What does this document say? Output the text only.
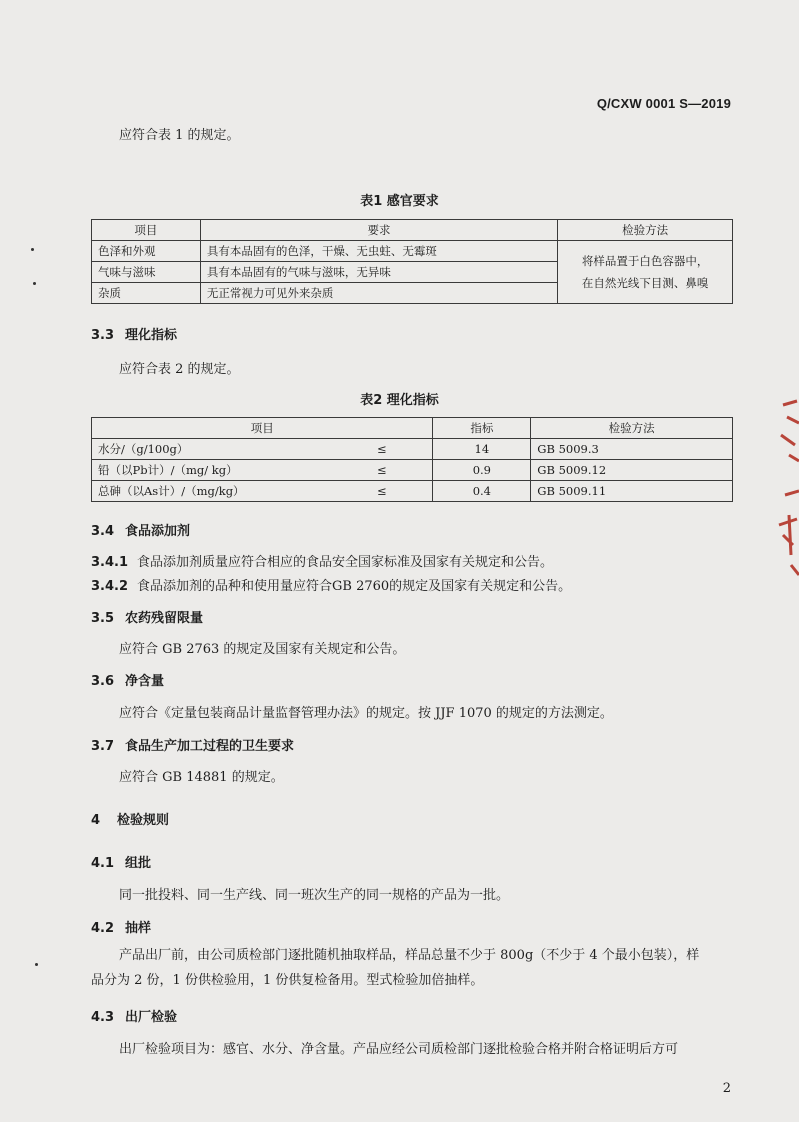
Q/CXW 0001 S—2019
应符合表 1 的规定。
表1 感官要求
项目	要求	检验方法
色泽和外观	具有本品固有的色泽，干燥、无虫蛀、无霉斑	将样品置于白色容器中，
在自然光线下目测、鼻嗅

气味与滋味	具有本品固有的气味与滋味，无异味	
杂质	无正常视力可见外来杂质	
3.3 理化指标
应符合表 2 的规定。
表2 理化指标
项目		指标	检验方法
水分/（g/100g）	≤	14	GB 5009.3
铅（以Pb计）/（mg/ kg）	≤	0.9	GB 5009.12
总砷（以As计）/（mg/kg）	≤	0.4	GB 5009.11
3.4 食品添加剂
3.4.1 食品添加剂质量应符合相应的食品安全国家标准及国家有关规定和公告。
3.4.2 食品添加剂的品种和使用量应符合GB 2760的规定及国家有关规定和公告。
3.5 农药残留限量
应符合 GB 2763 的规定及国家有关规定和公告。
3.6 净含量
应符合《定量包装商品计量监督管理办法》的规定。按 JJF 1070 的规定的方法测定。
3.7 食品生产加工过程的卫生要求
应符合 GB 14881 的规定。
4 检验规则
4.1 组批
同一批投料、同一生产线、同一班次生产的同一规格的产品为一批。
4.2 抽样
产品出厂前，由公司质检部门逐批随机抽取样品，样品总量不少于 800g（不少于 4 个最小包装），样品分为 2 份，1 份供检验用，1 份供复检备用。型式检验加倍抽样。
4.3 出厂检验
出厂检验项目为：感官、水分、净含量。产品应经公司质检部门逐批检验合格并附合格证明后方可
2
